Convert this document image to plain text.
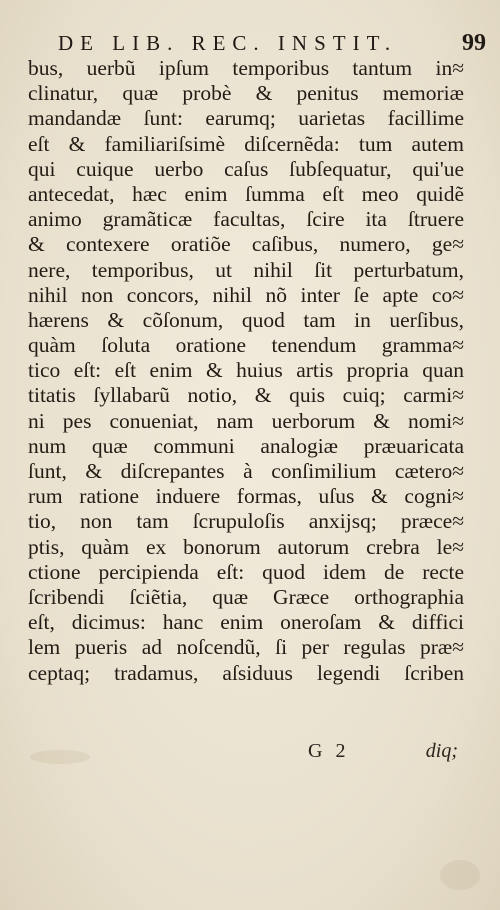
DE LIB. REC. INSTIT.	99
bus, uerbũ ipſum temporibus tantum in≈
clinatur, quæ probè & penitus memoriæ
mandandæ ſunt: earumq; uarietas facillime
eſt & familiariſsimè diſcernẽda: tum autem
qui cuique uerbo caſus ſubſequatur, qui'ue
antecedat, hæc enim ſumma eſt meo quidẽ
animo gramãticæ facultas, ſcire ita ſtruere
& contexere oratiõe caſibus, numero, ge≈
nere, temporibus, ut nihil ſit perturbatum,
nihil non concors, nihil nõ inter ſe apte co≈
hærens & cõſonum, quod tam in uerſibus,
quàm ſoluta oratione tenendum gramma≈
tico eſt: eſt enim & huius artis propria quan
titatis ſyllabarũ notio, & quis cuiq; carmi≈
ni pes conueniat, nam uerborum & nomi≈
num quæ communi analogiæ præuaricata
ſunt, & diſcrepantes à conſimilium cætero≈
rum ratione induere formas, uſus & cogni≈
tio, non tam ſcrupuloſis anxijsq; præce≈
ptis, quàm ex bonorum autorum crebra le≈
ctione percipienda eſt: quod idem de recte
ſcribendi ſciẽtia, quæ Græce orthographia
eſt, dicimus: hanc enim oneroſam & diffici
lem pueris ad noſcendũ, ſi per regulas præ≈
ceptaq; tradamus, aſsiduus legendi ſcriben
G 2	diq;
